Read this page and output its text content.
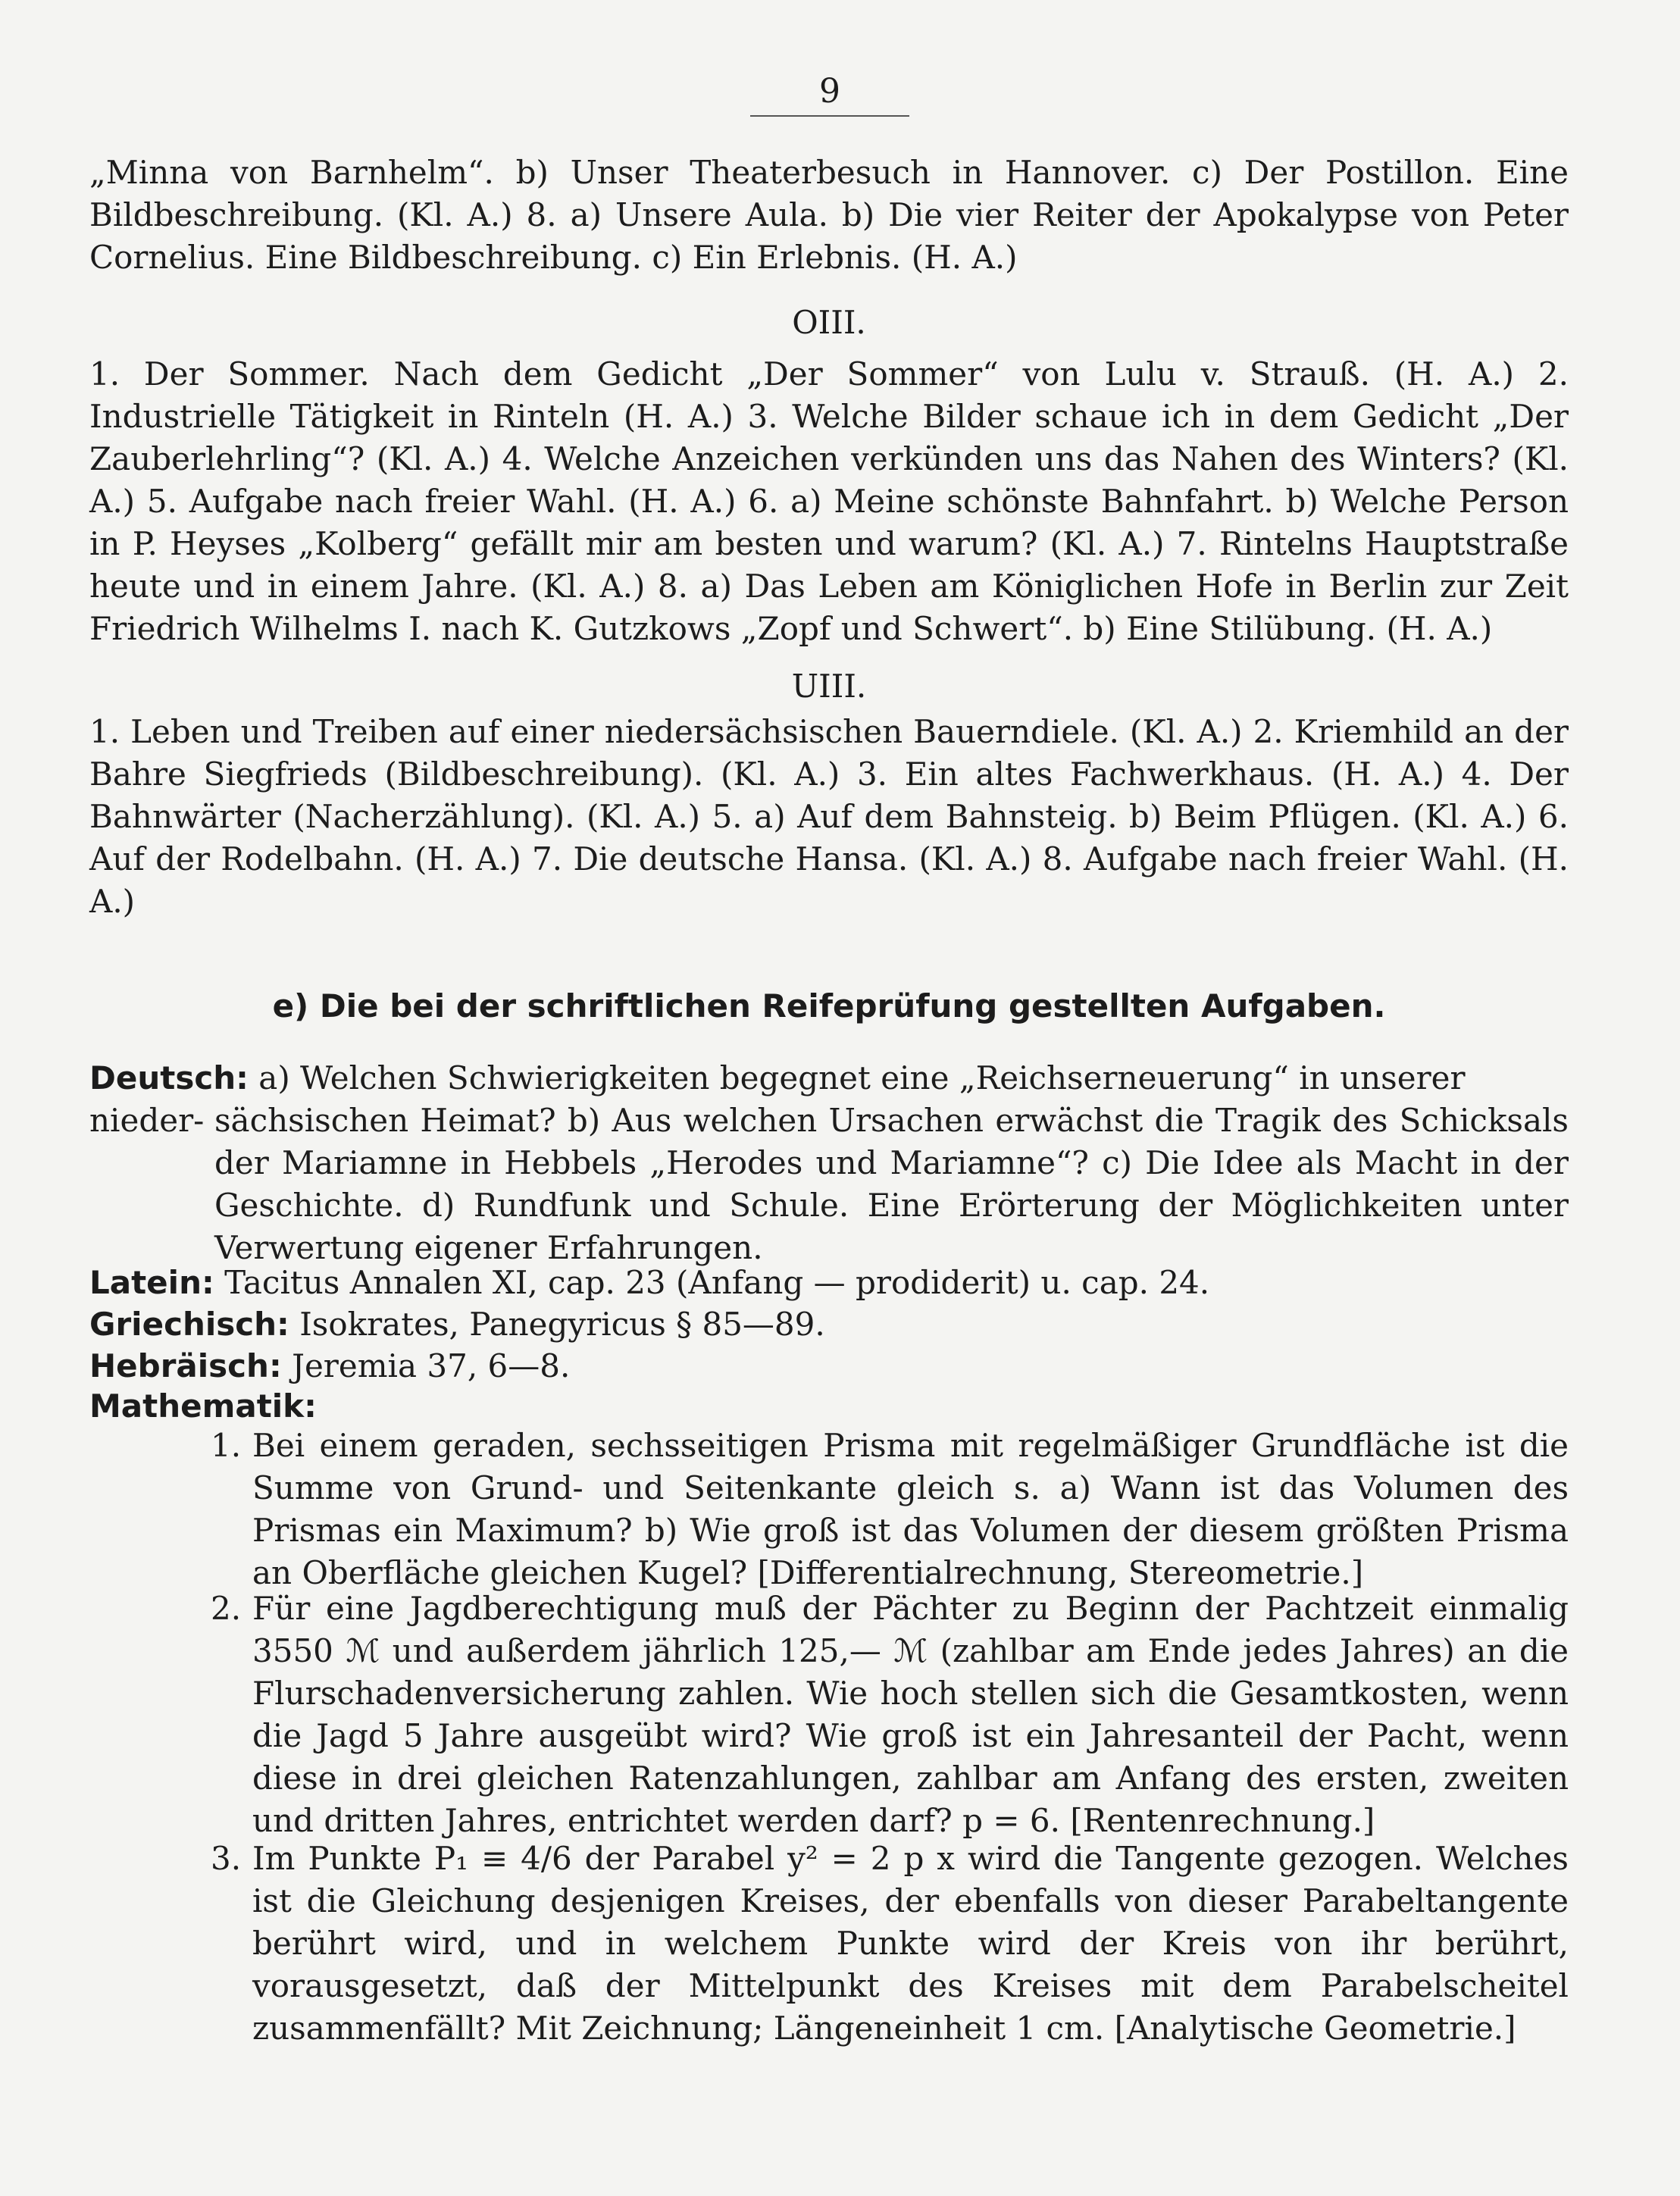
9
„Minna von Barnhelm“. b) Unser Theaterbesuch in Hannover. c) Der Postillon. Eine Bildbeschreibung. (Kl. A.) 8. a) Unsere Aula. b) Die vier Reiter der Apokalypse von Peter Cornelius. Eine Bildbeschreibung. c) Ein Erlebnis. (H. A.)
OIII.
1. Der Sommer. Nach dem Gedicht „Der Sommer“ von Lulu v. Strauß. (H. A.) 2. Industrielle Tätigkeit in Rinteln (H. A.) 3. Welche Bilder schaue ich in dem Gedicht „Der Zauberlehrling“? (Kl. A.) 4. Welche Anzeichen verkünden uns das Nahen des Winters? (Kl. A.) 5. Aufgabe nach freier Wahl. (H. A.) 6. a) Meine schönste Bahnfahrt. b) Welche Person in P. Heyses „Kolberg“ gefällt mir am besten und warum? (Kl. A.) 7. Rintelns Hauptstraße heute und in einem Jahre. (Kl. A.) 8. a) Das Leben am Königlichen Hofe in Berlin zur Zeit Friedrich Wilhelms I. nach K. Gutzkows „Zopf und Schwert“. b) Eine Stilübung. (H. A.)
UIII.
1. Leben und Treiben auf einer niedersächsischen Bauerndiele. (Kl. A.) 2. Kriemhild an der Bahre Siegfrieds (Bildbeschreibung). (Kl. A.) 3. Ein altes Fachwerkhaus. (H. A.) 4. Der Bahnwärter (Nacherzählung). (Kl. A.) 5. a) Auf dem Bahnsteig. b) Beim Pflügen. (Kl. A.) 6. Auf der Rodelbahn. (H. A.) 7. Die deutsche Hansa. (Kl. A.) 8. Aufgabe nach freier Wahl. (H. A.)
e) Die bei der schriftlichen Reifeprüfung gestellten Aufgaben.
Deutsch: a) Welchen Schwierigkeiten begegnet eine „Reichserneuerung“ in unserer nieder- sächsischen Heimat? b) Aus welchen Ursachen erwächst die Tragik des Schicksals der Mariamne in Hebbels „Herodes und Mariamne“? c) Die Idee als Macht in der Geschichte. d) Rundfunk und Schule. Eine Erörterung der Möglichkeiten unter Verwertung eigener Erfahrungen.
Latein: Tacitus Annalen XI, cap. 23 (Anfang — prodiderit) u. cap. 24.
Griechisch: Isokrates, Panegyricus § 85—89.
Hebräisch: Jeremia 37, 6—8.
Mathematik:
1. Bei einem geraden, sechsseitigen Prisma mit regelmäßiger Grundfläche ist die Summe von Grund- und Seitenkante gleich s. a) Wann ist das Volumen des Prismas ein Maximum? b) Wie groß ist das Volumen der diesem größten Prisma an Oberfläche gleichen Kugel? [Differentialrechnung, Stereometrie.]
2. Für eine Jagdberechtigung muß der Pächter zu Beginn der Pachtzeit einmalig 3550 ℳ und außerdem jährlich 125,— ℳ (zahlbar am Ende jedes Jahres) an die Flurschadenversicherung zahlen. Wie hoch stellen sich die Gesamtkosten, wenn die Jagd 5 Jahre ausgeübt wird? Wie groß ist ein Jahresanteil der Pacht, wenn diese in drei gleichen Ratenzahlungen, zahlbar am Anfang des ersten, zweiten und dritten Jahres, entrichtet werden darf? p = 6. [Rentenrechnung.]
3. Im Punkte P₁ ≡ 4/6 der Parabel y² = 2 p x wird die Tangente gezogen. Welches ist die Gleichung desjenigen Kreises, der ebenfalls von dieser Parabeltangente berührt wird, und in welchem Punkte wird der Kreis von ihr berührt, vorausgesetzt, daß der Mittelpunkt des Kreises mit dem Parabelscheitel zusammenfällt? Mit Zeichnung; Längeneinheit 1 cm. [Analytische Geometrie.]
